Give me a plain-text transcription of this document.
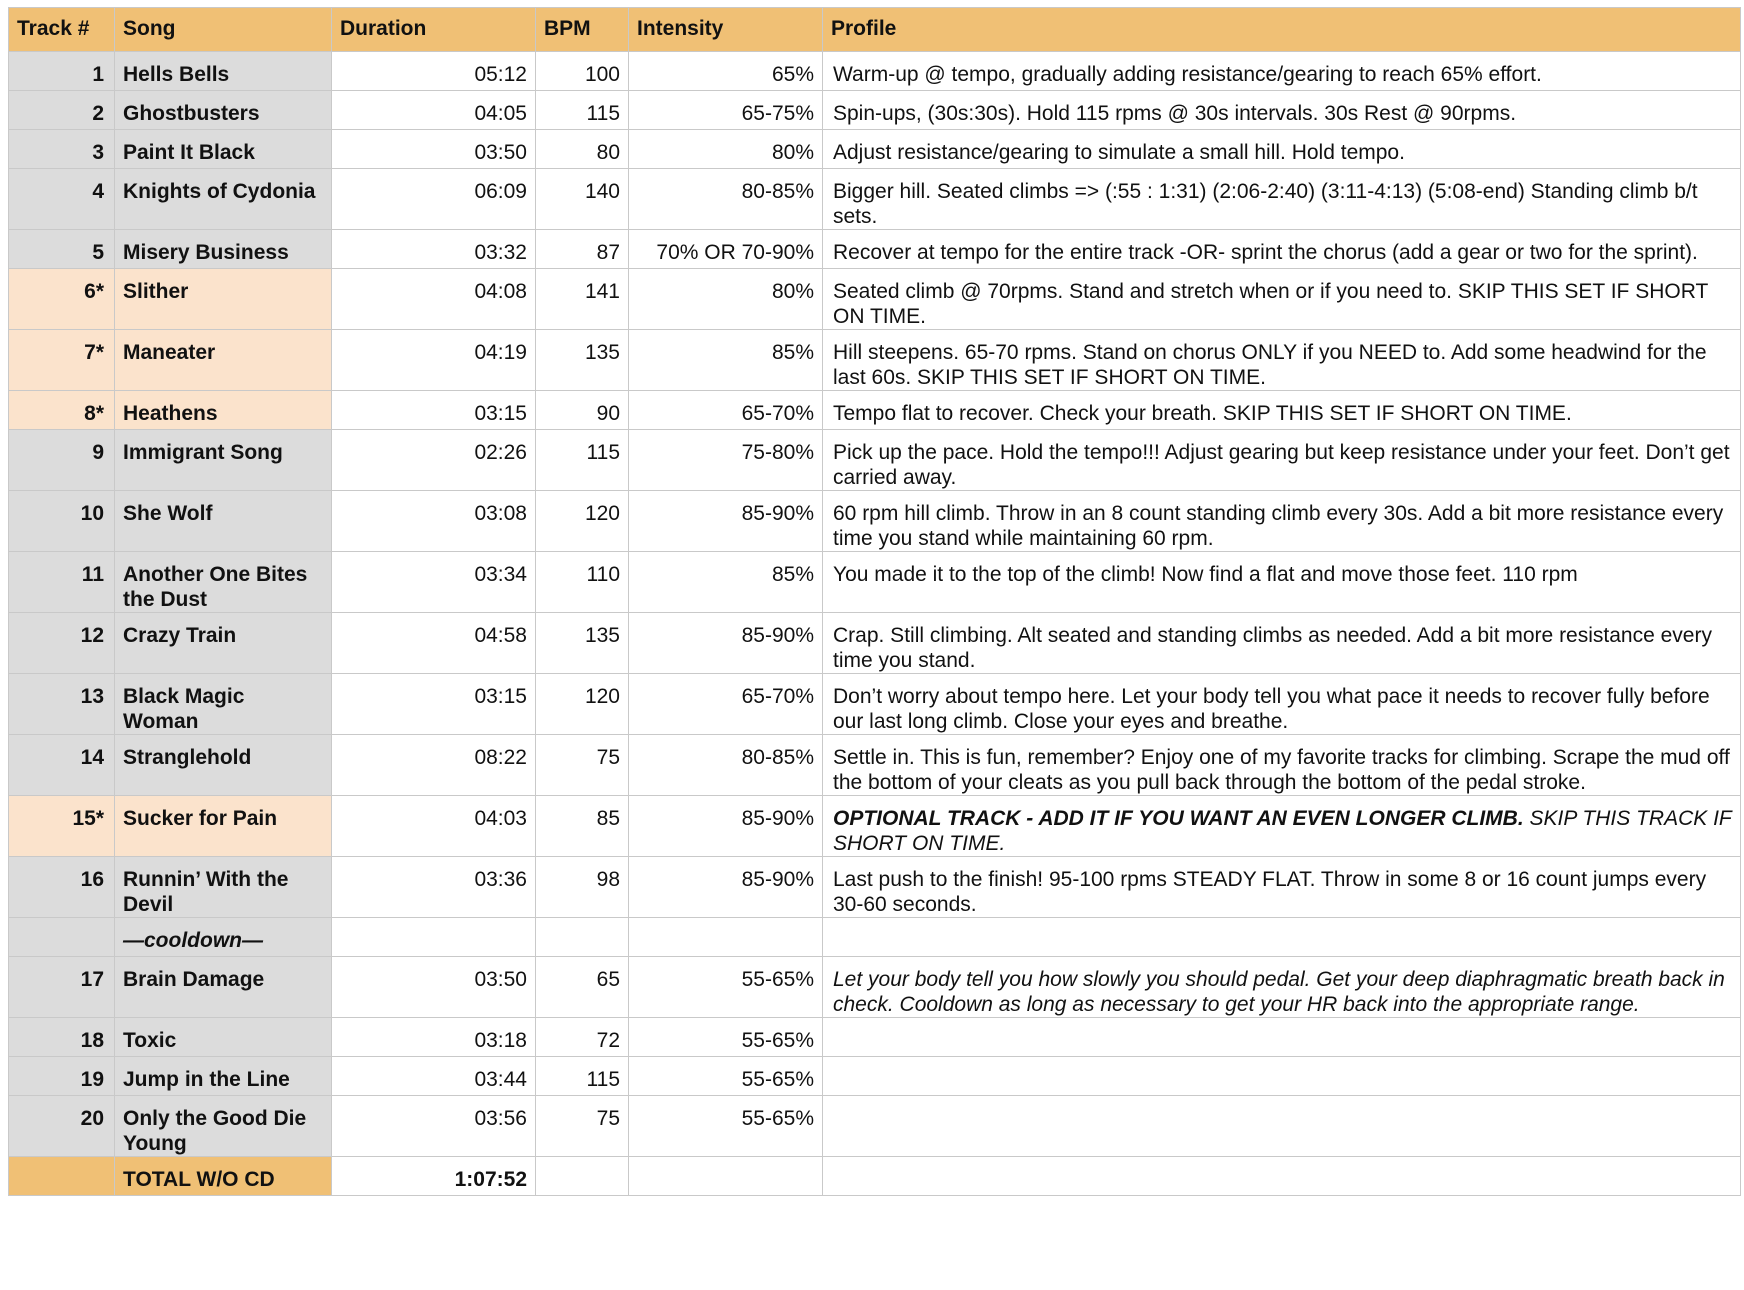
Track #	Song	Duration	BPM	Intensity	Profile
1	Hells Bells	05:12	100	65%	Warm-up @ tempo, gradually adding resistance/gearing to reach 65% effort.
2	Ghostbusters	04:05	115	65-75%	Spin-ups, (30s:30s). Hold 115 rpms @ 30s intervals. 30s Rest @ 90rpms.
3	Paint It Black	03:50	80	80%	Adjust resistance/gearing to simulate a small hill. Hold tempo.
4	Knights of Cydonia	06:09	140	80-85%	Bigger hill. Seated climbs => (:55 : 1:31) (2:06-2:40) (3:11-4:13) (5:08-end) Standing climb b/t sets.
5	Misery Business	03:32	87	70% OR 70-90%	Recover at tempo for the entire track -OR- sprint the chorus (add a gear or two for the sprint).
6*	Slither	04:08	141	80%	Seated climb @ 70rpms. Stand and stretch when or if you need to. SKIP THIS SET IF SHORT ON TIME.
7*	Maneater	04:19	135	85%	Hill steepens. 65-70 rpms. Stand on chorus ONLY if you NEED to. Add some headwind for the last 60s. SKIP THIS SET IF SHORT ON TIME.
8*	Heathens	03:15	90	65-70%	Tempo flat to recover. Check your breath. SKIP THIS SET IF SHORT ON TIME.
9	Immigrant Song	02:26	115	75-80%	Pick up the pace. Hold the tempo!!! Adjust gearing but keep resistance under your feet. Don’t get carried away.
10	She Wolf	03:08	120	85-90%	60 rpm hill climb. Throw in an 8 count standing climb every 30s. Add a bit more resistance every time you stand while maintaining 60 rpm.
11	Another One Bites the Dust	03:34	110	85%	You made it to the top of the climb! Now find a flat and move those feet. 110 rpm
12	Crazy Train	04:58	135	85-90%	Crap. Still climbing. Alt seated and standing climbs as needed. Add a bit more resistance every time you stand.
13	Black Magic Woman	03:15	120	65-70%	Don’t worry about tempo here. Let your body tell you what pace it needs to recover fully before our last long climb. Close your eyes and breathe.
14	Stranglehold	08:22	75	80-85%	Settle in. This is fun, remember? Enjoy one of my favorite tracks for climbing. Scrape the mud off the bottom of your cleats as you pull back through the bottom of the pedal stroke.
15*	Sucker for Pain	04:03	85	85-90%	OPTIONAL TRACK - ADD IT IF YOU WANT AN EVEN LONGER CLIMB. SKIP THIS TRACK IF SHORT ON TIME.
16	Runnin’ With the Devil	03:36	98	85-90%	Last push to the finish! 95-100 rpms STEADY FLAT. Throw in some 8 or 16 count jumps every 30-60 seconds.
	—cooldown—				
17	Brain Damage	03:50	65	55-65%	Let your body tell you how slowly you should pedal. Get your deep diaphragmatic breath back in check. Cooldown as long as necessary to get your HR back into the appropriate range.
18	Toxic	03:18	72	55-65%	
19	Jump in the Line	03:44	115	55-65%	
20	Only the Good Die Young	03:56	75	55-65%	
	TOTAL W/O CD	1:07:52			
